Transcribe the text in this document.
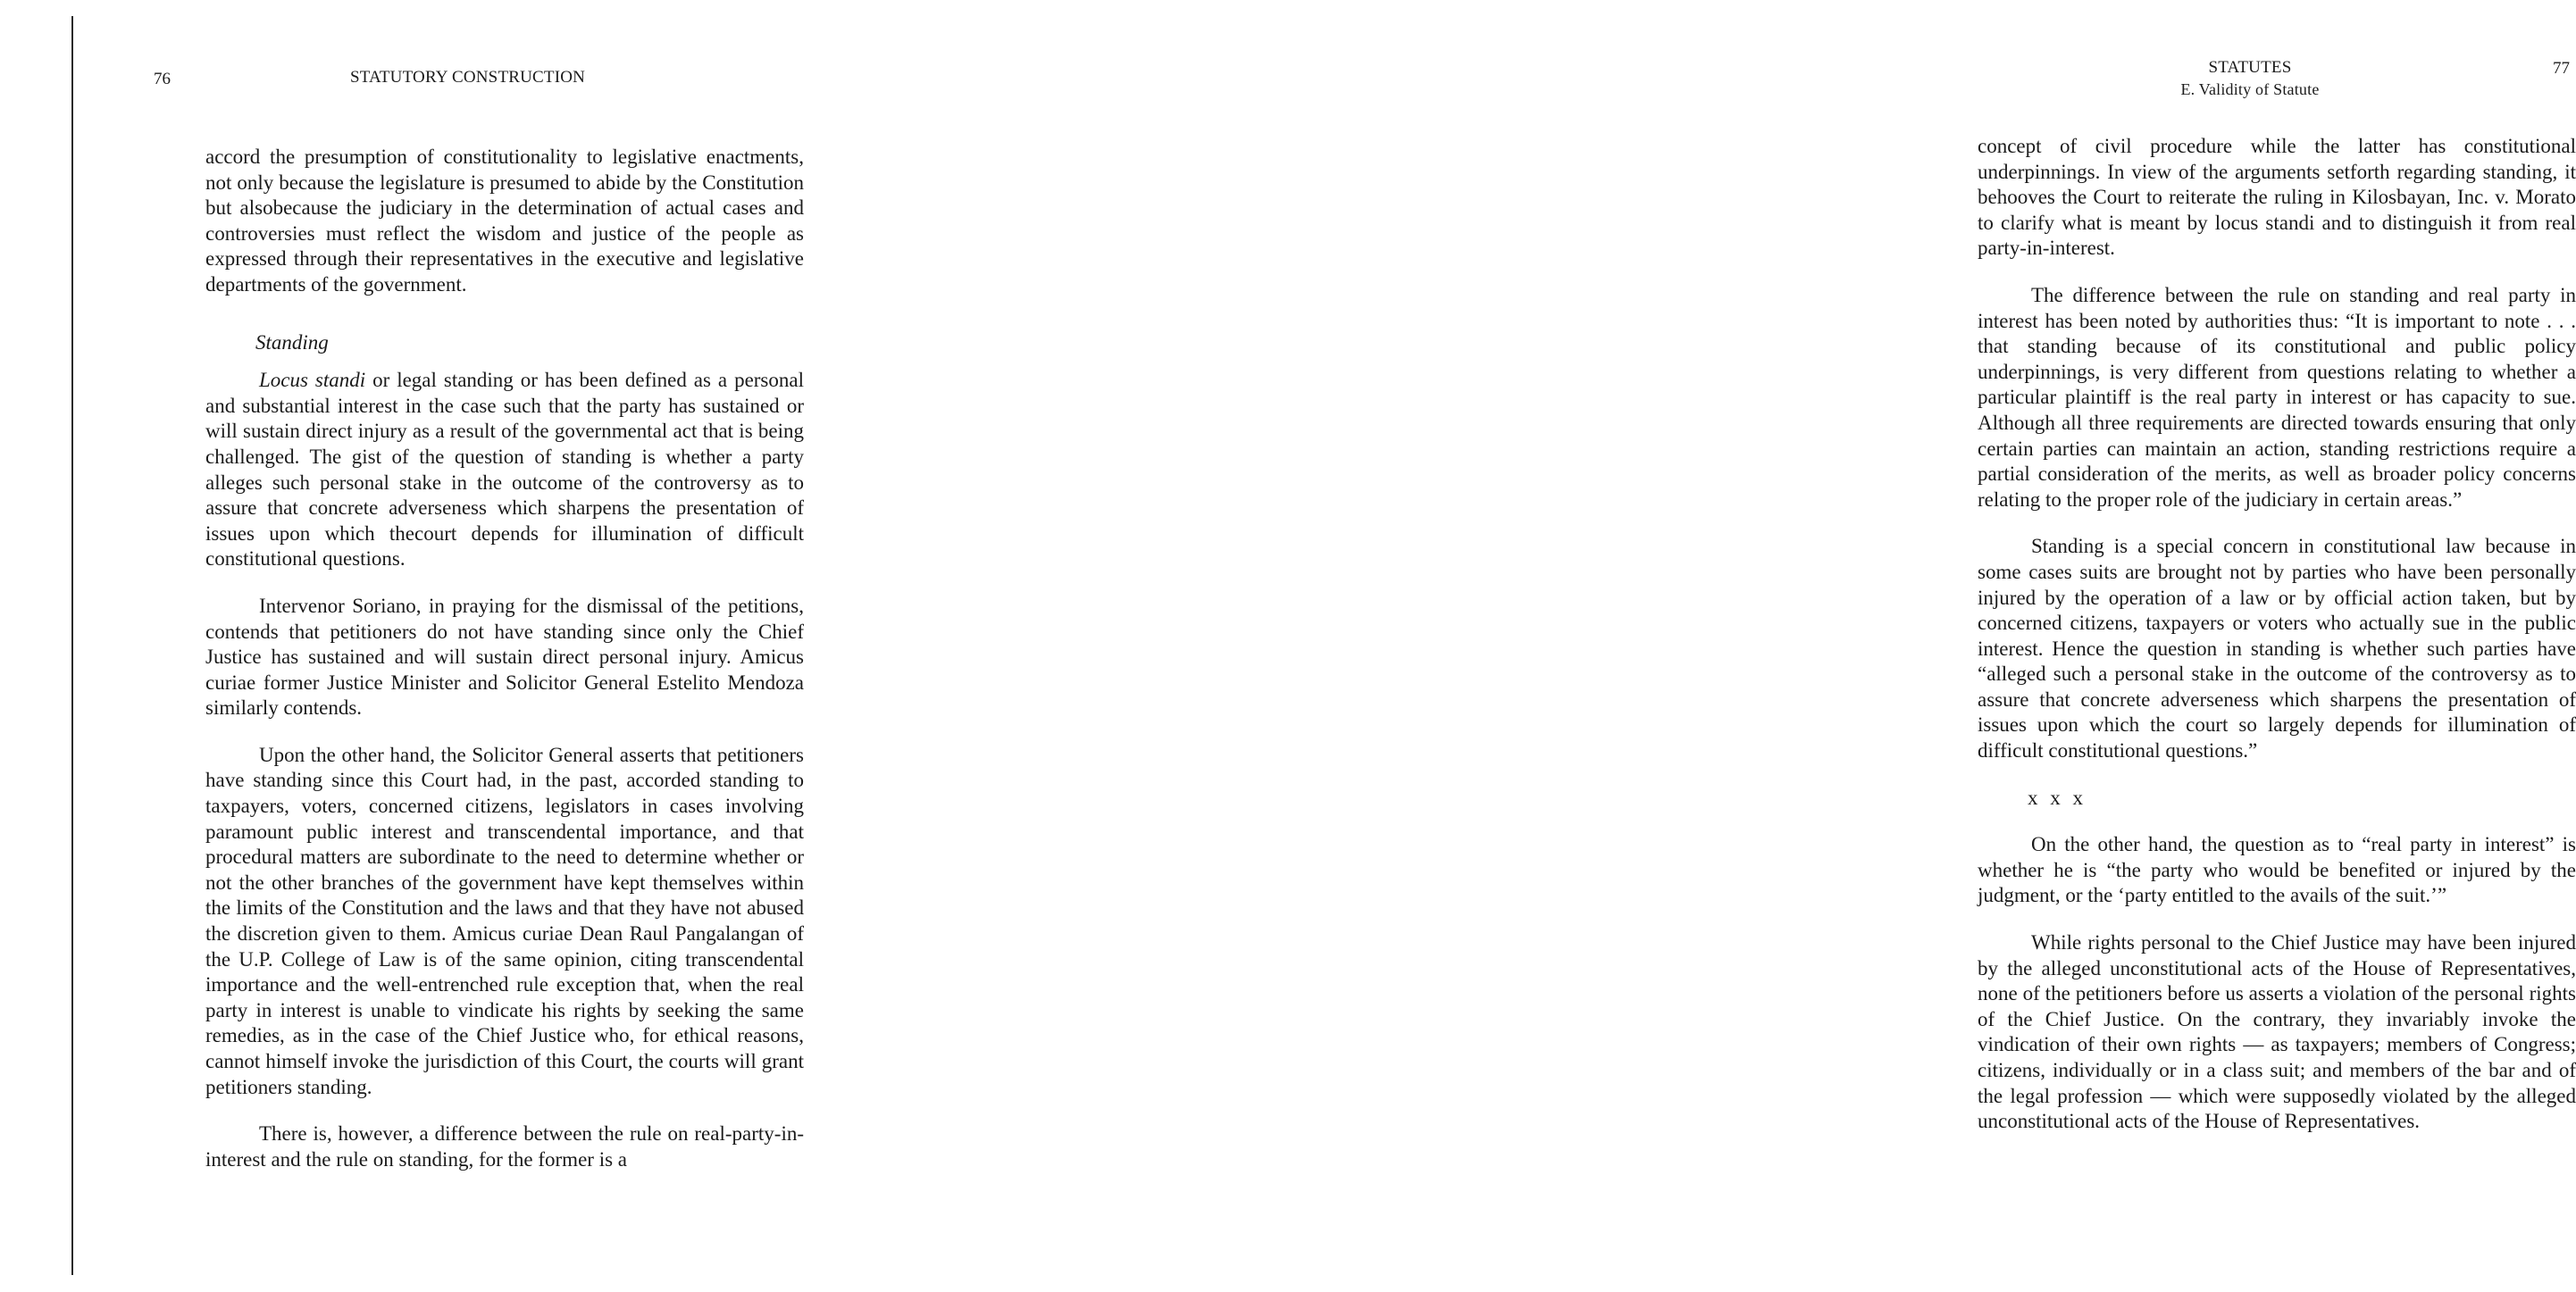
76	STATUTORY CONSTRUCTION

accord the presumption of constitutionality to legislative enactments, not only because the legislature is presumed to abide by the Constitution but alsobecause the judiciary in the determination of actual cases and controversies must reflect the wisdom and justice of the people as expressed through their representatives in the executive and legislative departments of the government.

Standing

Locus standi or legal standing or has been defined as a personal and substantial interest in the case such that the party has sustained or will sustain direct injury as a result of the governmental act that is being challenged. The gist of the question of standing is whether a party alleges such personal stake in the outcome of the controversy as to assure that concrete adverseness which sharpens the presentation of issues upon which thecourt depends for illumination of difficult constitutional questions.

Intervenor Soriano, in praying for the dismissal of the petitions, contends that petitioners do not have standing since only the Chief Justice has sustained and will sustain direct personal injury. Amicus curiae former Justice Minister and Solicitor General Estelito Mendoza similarly contends.

Upon the other hand, the Solicitor General asserts that petitioners have standing since this Court had, in the past, accorded standing to taxpayers, voters, concerned citizens, legislators in cases involving paramount public interest and transcendental importance, and that procedural matters are subordinate to the need to determine whether or not the other branches of the government have kept themselves within the limits of the Constitution and the laws and that they have not abused the discretion given to them. Amicus curiae Dean Raul Pangalangan of the U.P. College of Law is of the same opinion, citing transcendental importance and the well-entrenched rule exception that, when the real party in interest is unable to vindicate his rights by seeking the same remedies, as in the case of the Chief Justice who, for ethical reasons, cannot himself invoke the jurisdiction of this Court, the courts will grant petitioners standing.

There is, however, a difference between the rule on real-party-in-interest and the rule on standing, for the former is a

STATUTES
E. Validity of Statute
77

concept of civil procedure while the latter has constitutional underpinnings. In view of the arguments setforth regarding standing, it behooves the Court to reiterate the ruling in Kilosbayan, Inc. v. Morato to clarify what is meant by locus standi and to distinguish it from real party-in-interest.

The difference between the rule on standing and real party in interest has been noted by authorities thus: “It is important to note . . . that standing because of its constitutional and public policy underpinnings, is very different from questions relating to whether a particular plaintiff is the real party in interest or has capacity to sue. Although all three requirements are directed towards ensuring that only certain parties can maintain an action, standing restrictions require a partial consideration of the merits, as well as broader policy concerns relating to the proper role of the judiciary in certain areas.”

Standing is a special concern in constitutional law because in some cases suits are brought not by parties who have been personally injured by the operation of a law or by official action taken, but by concerned citizens, taxpayers or voters who actually sue in the public interest. Hence the question in standing is whether such parties have “alleged such a personal stake in the outcome of the controversy as to assure that concrete adverseness which sharpens the presentation of issues upon which the court so largely depends for illumination of difficult constitutional questions.”

x x x

On the other hand, the question as to “real party in interest” is whether he is “the party who would be benefited or injured by the judgment, or the ‘party entitled to the avails of the suit.’”

While rights personal to the Chief Justice may have been injured by the alleged unconstitutional acts of the House of Representatives, none of the petitioners before us asserts a violation of the personal rights of the Chief Justice. On the contrary, they invariably invoke the vindication of their own rights — as taxpayers; members of Congress; citizens, individually or in a class suit; and members of the bar and of the legal profession — which were supposedly violated by the alleged unconstitutional acts of the House of Representatives.
